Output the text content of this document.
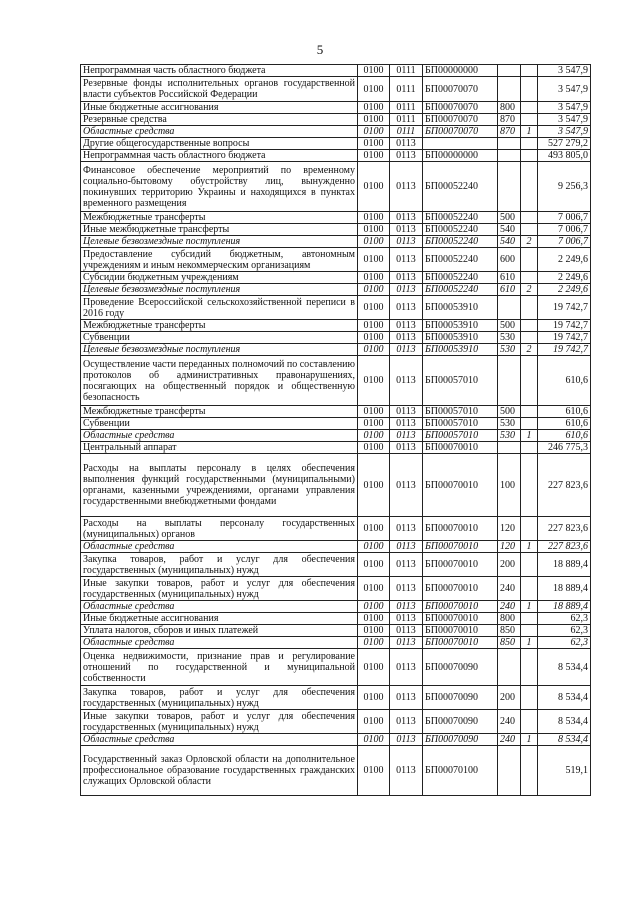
5
Непрограммная часть областного бюджета	0100	0111	БП00000000			3 547,9
Резервные фонды исполнительных органов государственной власти субъектов Российской Федерации	0100	0111	БП00070070			3 547,9
Иные бюджетные ассигнования	0100	0111	БП00070070	800		3 547,9
Резервные средства	0100	0111	БП00070070	870		3 547,9
Областные средства	0100	0111	БП00070070	870	1	3 547,9
Другие общегосударственные вопросы	0100	0113				527 279,2
Непрограммная часть областного бюджета	0100	0113	БП00000000			493 805,0
Финансовое обеспечение мероприятий по временному социально-бытовому обустройству лиц, вынужденно покинувших территорию Украины и находящихся в пунктах временного размещения	0100	0113	БП00052240			9 256,3
Межбюджетные трансферты	0100	0113	БП00052240	500		7 006,7
Иные межбюджетные трансферты	0100	0113	БП00052240	540		7 006,7
Целевые безвозмездные поступления	0100	0113	БП00052240	540	2	7 006,7
Предоставление субсидий бюджетным, автономным учреждениям и иным некоммерческим организациям	0100	0113	БП00052240	600		2 249,6
Субсидии бюджетным учреждениям	0100	0113	БП00052240	610		2 249,6
Целевые безвозмездные поступления	0100	0113	БП00052240	610	2	2 249,6
Проведение Всероссийской сельскохозяйственной переписи в 2016 году	0100	0113	БП00053910			19 742,7
Межбюджетные трансферты	0100	0113	БП00053910	500		19 742,7
Субвенции	0100	0113	БП00053910	530		19 742,7
Целевые безвозмездные поступления	0100	0113	БП00053910	530	2	19 742,7
Осуществление части переданных полномочий по составлению протоколов об административных правонарушениях, посягающих на общественный порядок и общественную безопасность	0100	0113	БП00057010			610,6
Межбюджетные трансферты	0100	0113	БП00057010	500		610,6
Субвенции	0100	0113	БП00057010	530		610,6
Областные средства	0100	0113	БП00057010	530	1	610,6
Центральный аппарат	0100	0113	БП00070010			246 775,3
Расходы на выплаты персоналу в целях обеспечения выполнения функций государственными (муниципальными) органами, казенными учреждениями, органами управления государственными внебюджетными фондами	0100	0113	БП00070010	100		227 823,6
Расходы на выплаты персоналу государственных (муниципальных) органов	0100	0113	БП00070010	120		227 823,6
Областные средства	0100	0113	БП00070010	120	1	227 823,6
Закупка товаров, работ и услуг для обеспечения государственных (муниципальных) нужд	0100	0113	БП00070010	200		18 889,4
Иные закупки товаров, работ и услуг для обеспечения государственных (муниципальных) нужд	0100	0113	БП00070010	240		18 889,4
Областные средства	0100	0113	БП00070010	240	1	18 889,4
Иные бюджетные ассигнования	0100	0113	БП00070010	800		62,3
Уплата налогов, сборов и иных платежей	0100	0113	БП00070010	850		62,3
Областные средства	0100	0113	БП00070010	850	1	62,3
Оценка недвижимости, признание прав и регулирование отношений по государственной и муниципальной собственности	0100	0113	БП00070090			8 534,4
Закупка товаров, работ и услуг для обеспечения государственных (муниципальных) нужд	0100	0113	БП00070090	200		8 534,4
Иные закупки товаров, работ и услуг для обеспечения государственных (муниципальных) нужд	0100	0113	БП00070090	240		8 534,4
Областные средства	0100	0113	БП00070090	240	1	8 534,4
Государственный заказ Орловской области на дополнительное профессиональное образование государственных гражданских служащих Орловской области	0100	0113	БП00070100			519,1
